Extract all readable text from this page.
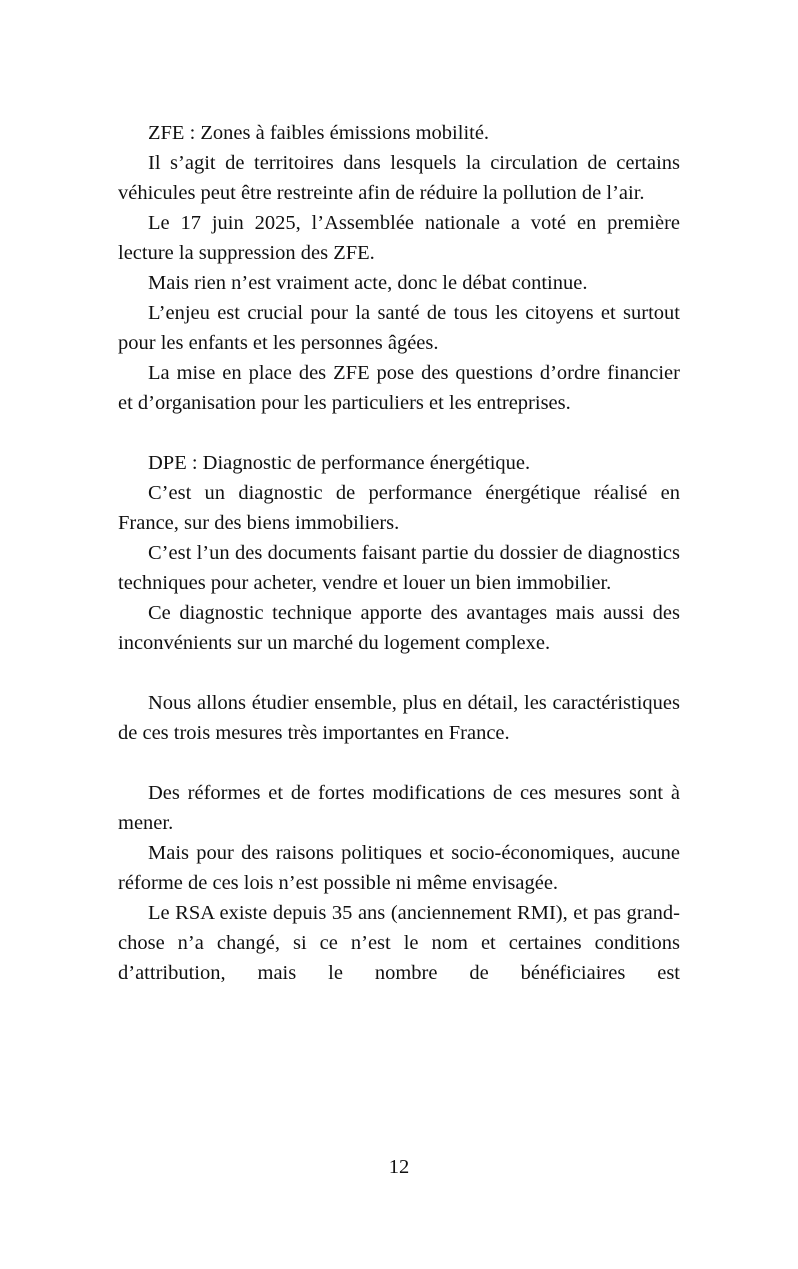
ZFE : Zones à faibles émissions mobilité.

Il s’agit de territoires dans lesquels la circulation de certains véhicules peut être restreinte afin de réduire la pollution de l’air.

Le 17 juin 2025, l’Assemblée nationale a voté en première lecture la suppression des ZFE.

Mais rien n’est vraiment acte, donc le débat continue.

L’enjeu est crucial pour la santé de tous les citoyens et surtout pour les enfants et les personnes âgées.

La mise en place des ZFE pose des questions d’ordre financier et d’organisation pour les particuliers et les entreprises.

DPE : Diagnostic de performance énergétique.

C’est un diagnostic de performance énergétique réalisé en France, sur des biens immobiliers.

C’est l’un des documents faisant partie du dossier de diagnostics techniques pour acheter, vendre et louer un bien immobilier.

Ce diagnostic technique apporte des avantages mais aussi des inconvénients sur un marché du logement complexe.

Nous allons étudier ensemble, plus en détail, les caractéristiques de ces trois mesures très importantes en France.

Des réformes et de fortes modifications de ces mesures sont à mener.

Mais pour des raisons politiques et socio-économiques, aucune réforme de ces lois n’est possible ni même envisagée.

Le RSA existe depuis 35 ans (anciennement RMI), et pas grand-chose n’a changé, si ce n’est le nom et certaines conditions d’attribution, mais le nombre de bénéficiaires est

12
